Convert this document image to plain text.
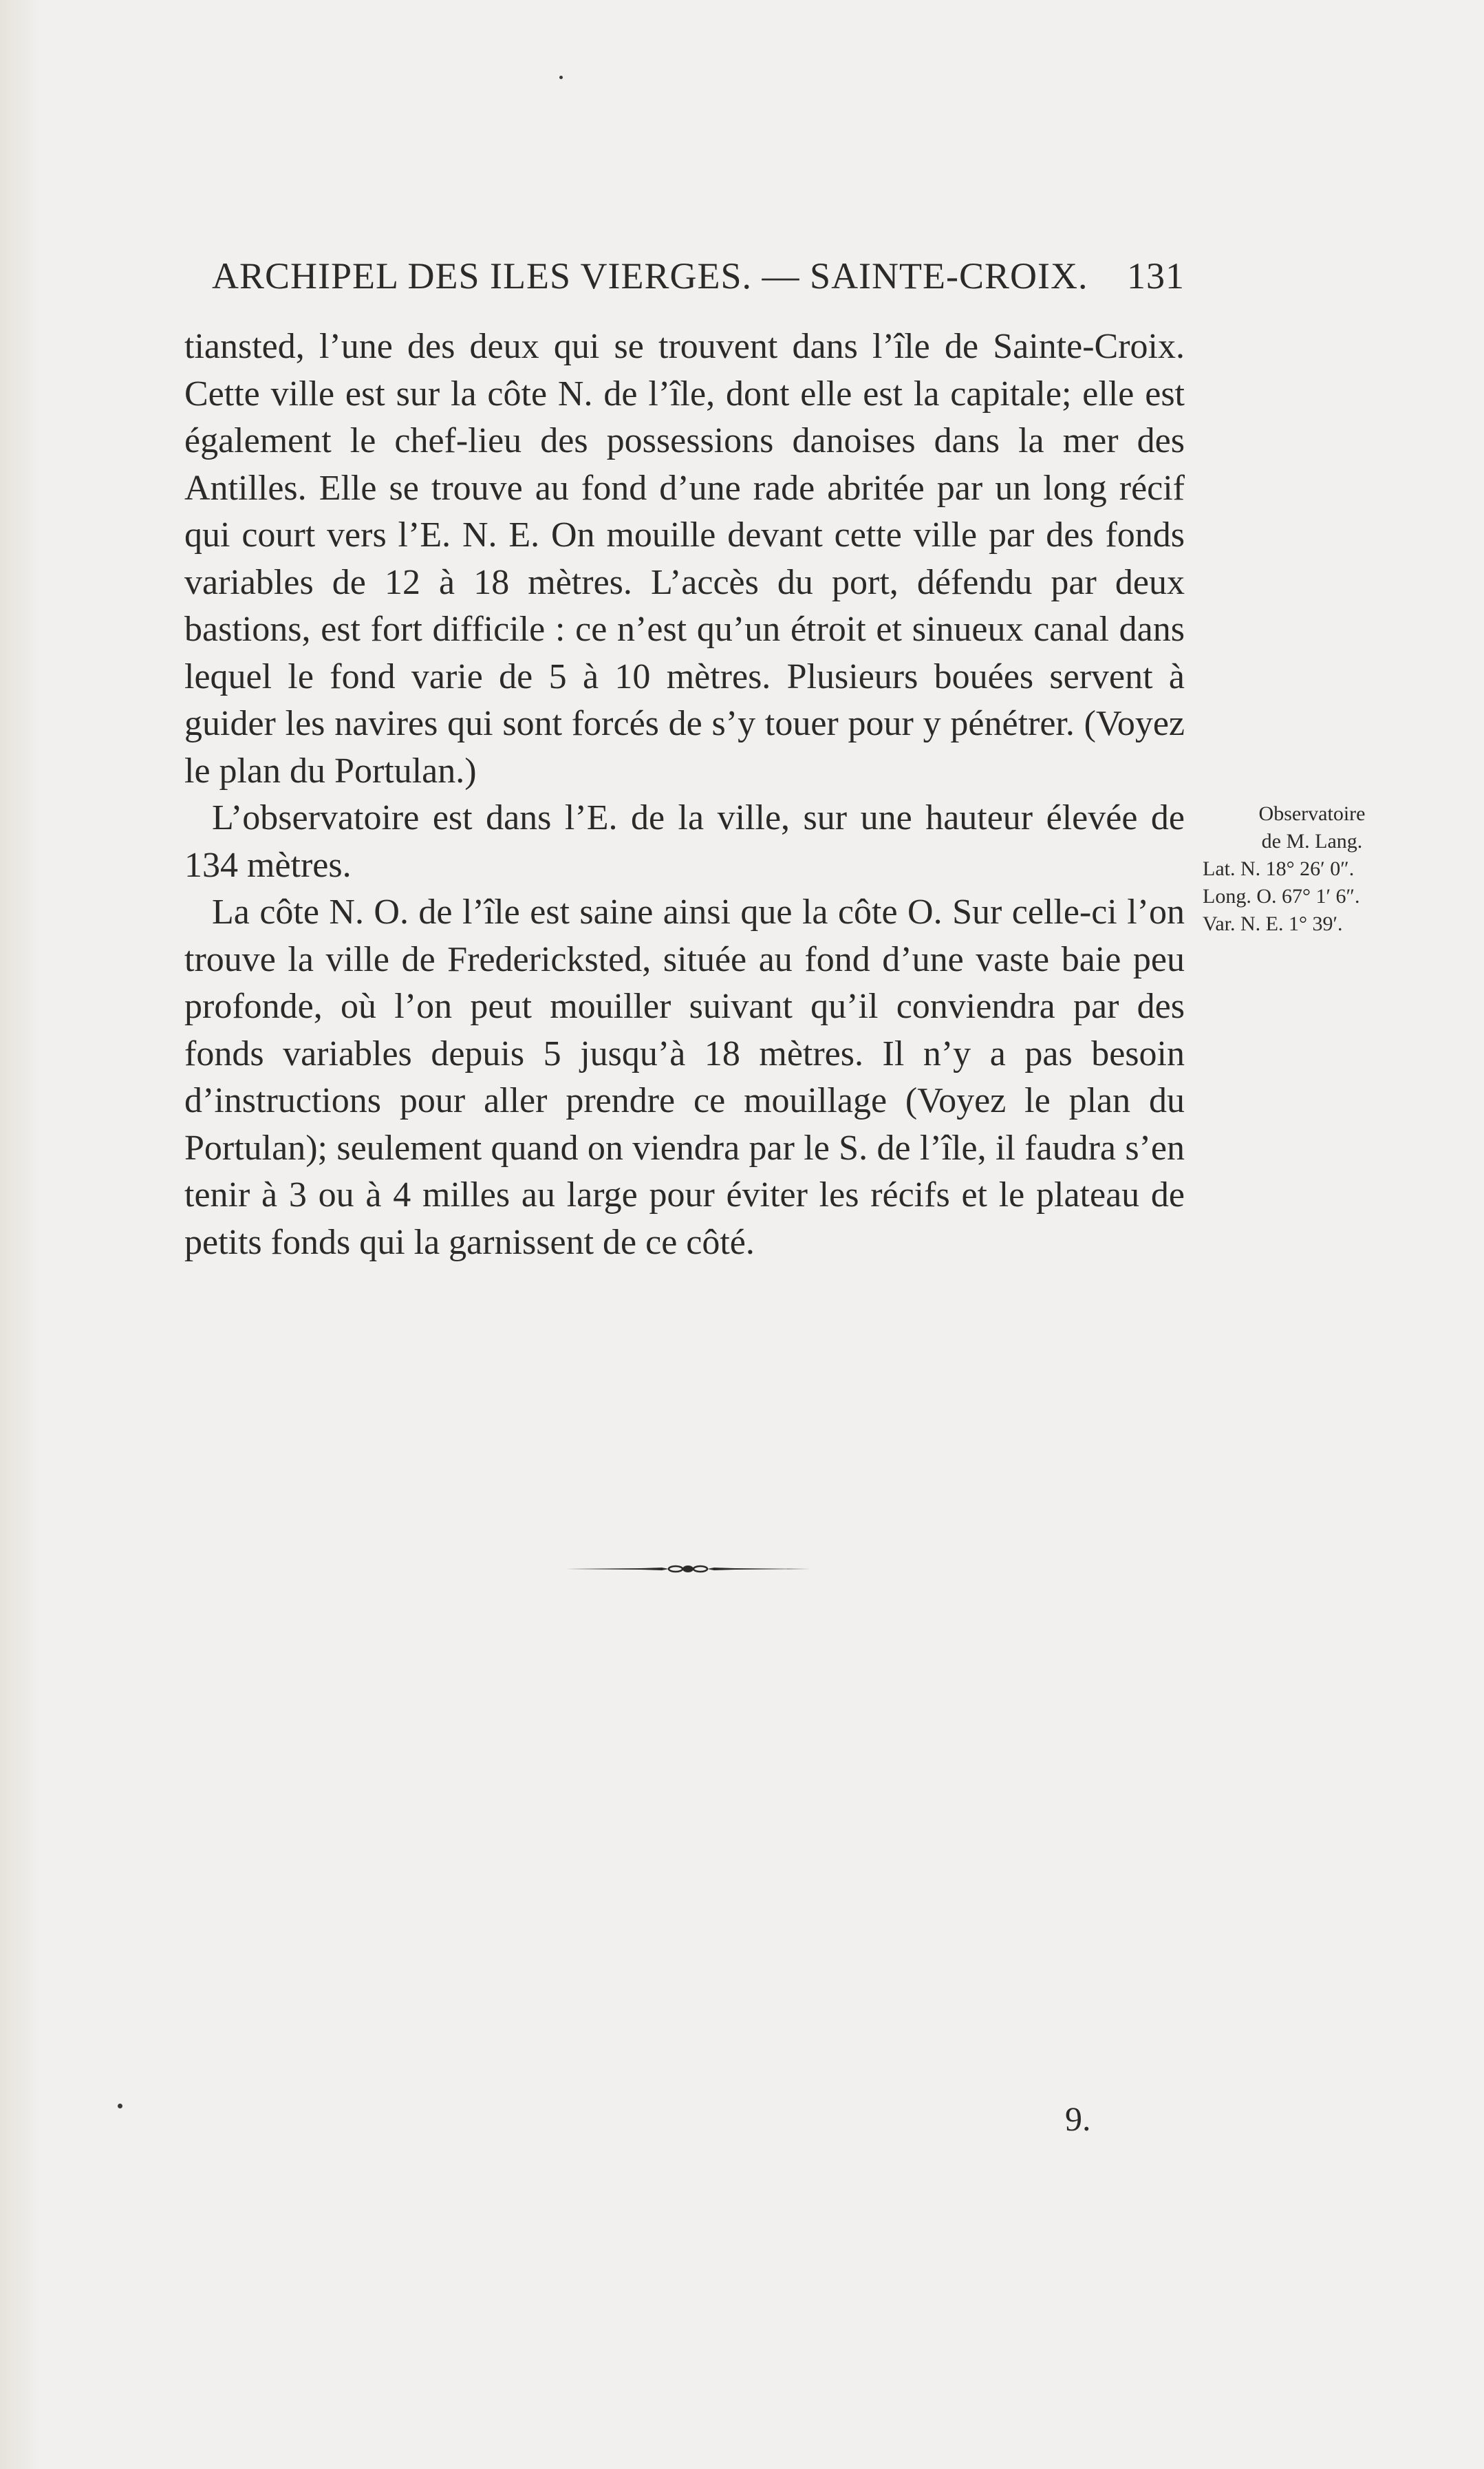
ARCHIPEL DES ILES VIERGES. — SAINTE-CROIX. 131

tiansted, l’une des deux qui se trouvent dans l’île de Sainte-Croix. Cette ville est sur la côte N. de l’île, dont elle est la capitale; elle est également le chef-lieu des possessions danoises dans la mer des Antilles. Elle se trouve au fond d’une rade abritée par un long récif qui court vers l’E. N. E. On mouille devant cette ville par des fonds variables de 12 à 18 mètres. L’accès du port, défendu par deux bastions, est fort difficile : ce n’est qu’un étroit et sinueux canal dans lequel le fond varie de 5 à 10 mètres. Plusieurs bouées servent à guider les navires qui sont forcés de s’y touer pour y pénétrer. (Voyez le plan du Portulan.)

L’observatoire est dans l’E. de la ville, sur une hauteur élevée de 134 mètres.

La côte N. O. de l’île est saine ainsi que la côte O. Sur celle-ci l’on trouve la ville de Fredericksted, située au fond d’une vaste baie peu profonde, où l’on peut mouiller suivant qu’il conviendra par des fonds variables depuis 5 jusqu’à 18 mètres. Il n’y a pas besoin d’instructions pour aller prendre ce mouillage (Voyez le plan du Portulan); seulement quand on viendra par le S. de l’île, il faudra s’en tenir à 3 ou à 4 milles au large pour éviter les récifs et le plateau de petits fonds qui la garnissent de ce côté.

Observatoire
de M. Lang.
Lat. N. 18° 26′ 0″.
Long. O. 67° 1′ 6″.
Var. N. E. 1° 39′.
9.
